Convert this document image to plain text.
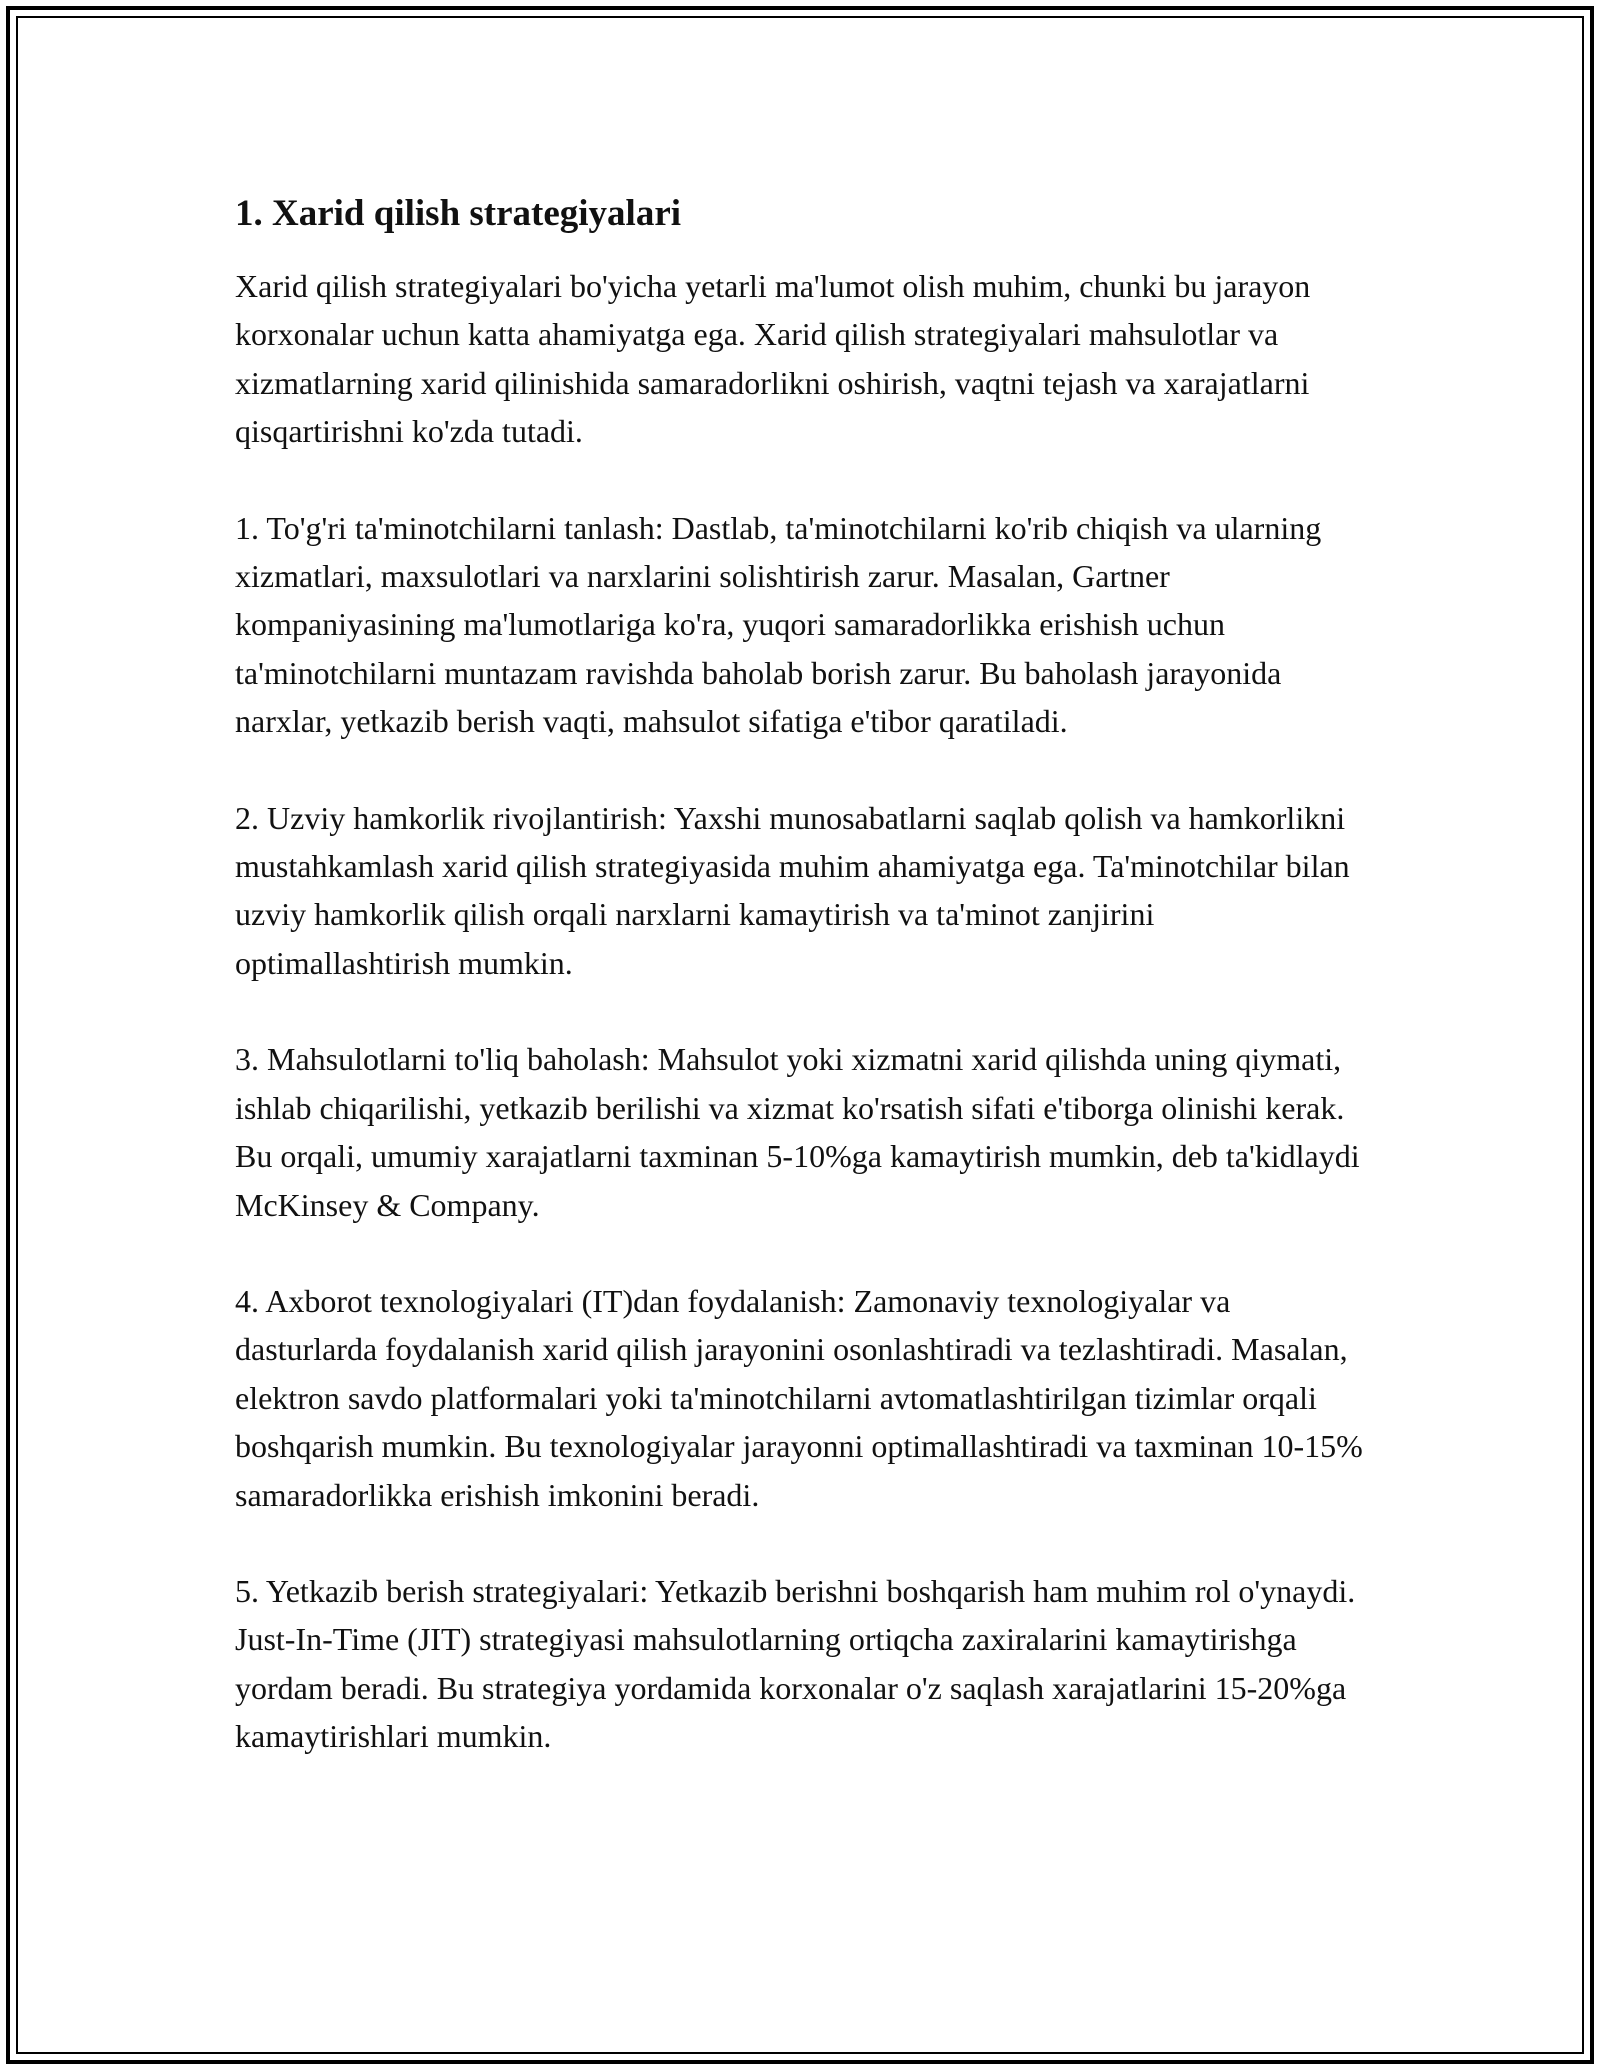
1. Xarid qilish strategiyalari

Xarid qilish strategiyalari bo'yicha yetarli ma'lumot olish muhim, chunki bu jarayon korxonalar uchun katta ahamiyatga ega. Xarid qilish strategiyalari mahsulotlar va xizmatlarning xarid qilinishida samaradorlikni oshirish, vaqtni tejash va xarajatlarni qisqartirishni ko'zda tutadi.

1. To'g'ri ta'minotchilarni tanlash: Dastlab, ta'minotchilarni ko'rib chiqish va ularning xizmatlari, maxsulotlari va narxlarini solishtirish zarur. Masalan, Gartner kompaniyasining ma'lumotlariga ko'ra, yuqori samaradorlikka erishish uchun ta'minotchilarni muntazam ravishda baholab borish zarur. Bu baholash jarayonida narxlar, yetkazib berish vaqti, mahsulot sifatiga e'tibor qaratiladi.

2. Uzviy hamkorlik rivojlantirish: Yaxshi munosabatlarni saqlab qolish va hamkorlikni mustahkamlash xarid qilish strategiyasida muhim ahamiyatga ega. Ta'minotchilar bilan uzviy hamkorlik qilish orqali narxlarni kamaytirish va ta'minot zanjirini optimallashtirish mumkin.

3. Mahsulotlarni to'liq baholash: Mahsulot yoki xizmatni xarid qilishda uning qiymati, ishlab chiqarilishi, yetkazib berilishi va xizmat ko'rsatish sifati e'tiborga olinishi kerak. Bu orqali, umumiy xarajatlarni taxminan 5-10%ga kamaytirish mumkin, deb ta'kidlaydi McKinsey & Company.

4. Axborot texnologiyalari (IT)dan foydalanish: Zamonaviy texnologiyalar va dasturlarda foydalanish xarid qilish jarayonini osonlashtiradi va tezlashtiradi. Masalan, elektron savdo platformalari yoki ta'minotchilarni avtomatlashtirilgan tizimlar orqali boshqarish mumkin. Bu texnologiyalar jarayonni optimallashtiradi va taxminan 10-15% samaradorlikka erishish imkonini beradi.

5. Yetkazib berish strategiyalari: Yetkazib berishni boshqarish ham muhim rol o'ynaydi. Just-In-Time (JIT) strategiyasi mahsulotlarning ortiqcha zaxiralarini kamaytirishga yordam beradi. Bu strategiya yordamida korxonalar o'z saqlash xarajatlarini 15-20%ga kamaytirishlari mumkin.
